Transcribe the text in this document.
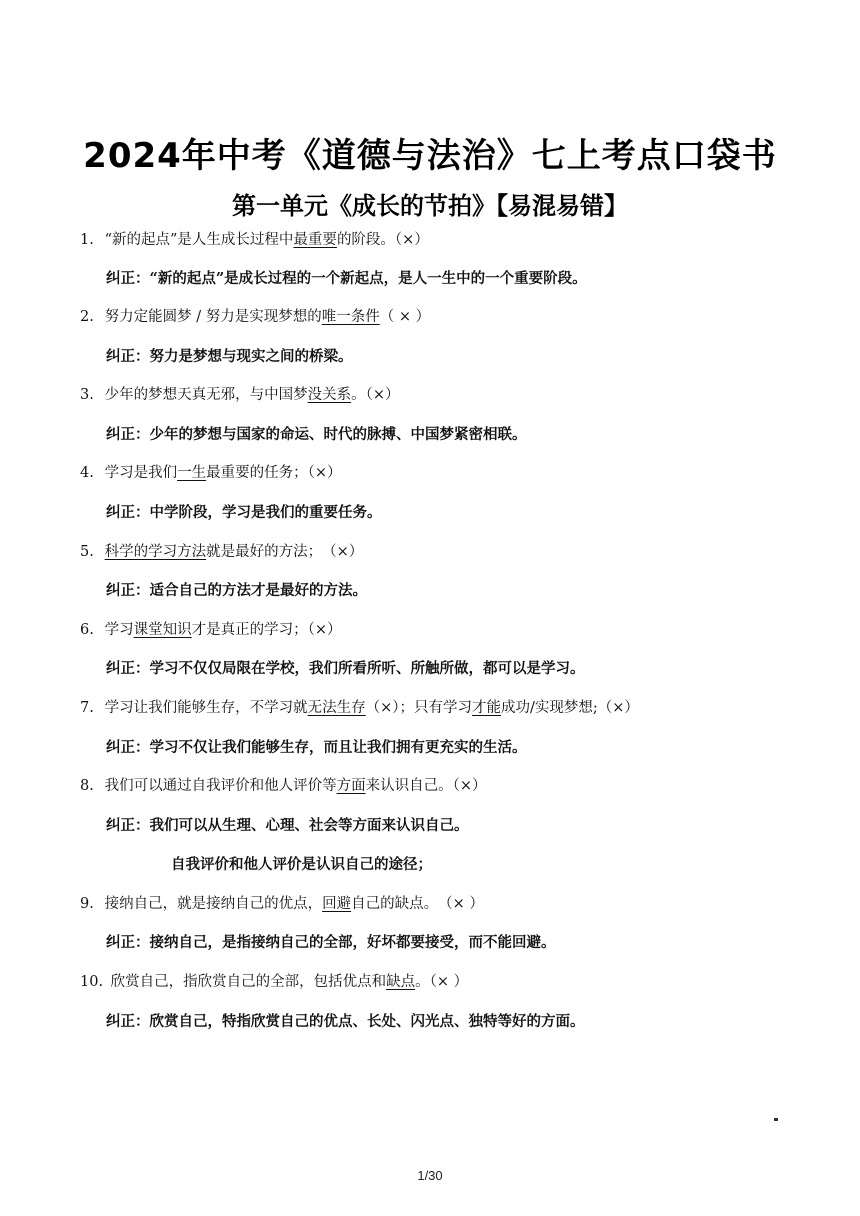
2024年中考《道德与法治》七上考点口袋书
第一单元《成长的节拍》【易混易错】
1. “新的起点”是人生成长过程中最重要的阶段。（×）
纠正：“新的起点”是成长过程的一个新起点，是人一生中的一个重要阶段。
2. 努力定能圆梦 / 努力是实现梦想的唯一条件（ × ）
纠正：努力是梦想与现实之间的桥梁。
3. 少年的梦想天真无邪，与中国梦没关系。（×）
纠正：少年的梦想与国家的命运、时代的脉搏、中国梦紧密相联。
4. 学习是我们一生最重要的任务；（×）
纠正：中学阶段，学习是我们的重要任务。
5. 科学的学习方法就是最好的方法；　（×）
纠正：适合自己的方法才是最好的方法。
6. 学习课堂知识才是真正的学习；（×）
纠正：学习不仅仅局限在学校，我们所看所听、所触所做，都可以是学习。
7. 学习让我们能够生存，不学习就无法生存（×）；只有学习才能成功/实现梦想;（×）
纠正：学习不仅让我们能够生存，而且让我们拥有更充实的生活。
8. 我们可以通过自我评价和他人评价等方面来认识自己。（×）
纠正：我们可以从生理、心理、社会等方面来认识自己。
自我评价和他人评价是认识自己的途径；
9. 接纳自己，就是接纳自己的优点，回避自己的缺点。　（× ）
纠正：接纳自己，是指接纳自己的全部，好坏都要接受，而不能回避。
10. 欣赏自己，指欣赏自己的全部，包括优点和缺点。（× ）
纠正：欣赏自己，特指欣赏自己的优点、长处、闪光点、独特等好的方面。
1/30
